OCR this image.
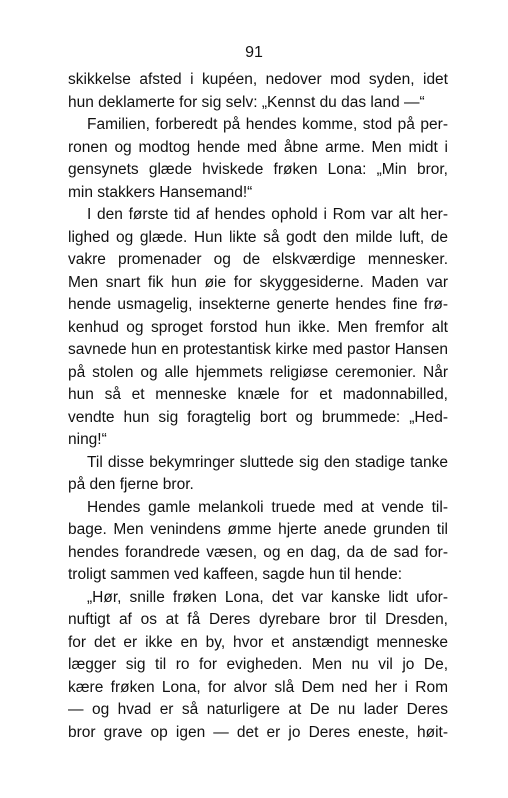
91
skikkelse afsted i kupéen, nedover mod syden, idet
hun deklamerte for sig selv: „Kennst du das land —“
Familien, forberedt på hendes komme, stod på per-
ronen og modtog hende med åbne arme. Men midt i
gensynets glæde hviskede frøken Lona: „Min bror,
min stakkers Hansemand!“
I den første tid af hendes ophold i Rom var alt her-
lighed og glæde. Hun likte så godt den milde luft, de
vakre promenader og de elskværdige mennesker.
Men snart fik hun øie for skyggesiderne. Maden var
hende usmagelig, insekterne generte hendes fine frø-
kenhud og sproget forstod hun ikke. Men fremfor alt
savnede hun en protestantisk kirke med pastor Hansen
på stolen og alle hjemmets religiøse ceremonier. Når
hun så et menneske knæle for et madonnabilled,
vendte hun sig foragtelig bort og brummede: „Hed-
ning!“
Til disse bekymringer sluttede sig den stadige tanke
på den fjerne bror.
Hendes gamle melankoli truede med at vende til-
bage. Men venindens ømme hjerte anede grunden til
hendes forandrede væsen, og en dag, da de sad for-
troligt sammen ved kaffeen, sagde hun til hende:
„Hør, snille frøken Lona, det var kanske lidt ufor-
nuftigt af os at få Deres dyrebare bror til Dresden,
for det er ikke en by, hvor et anstændigt menneske
lægger sig til ro for evigheden. Men nu vil jo De,
kære frøken Lona, for alvor slå Dem ned her i Rom
— og hvad er så naturligere at De nu lader Deres
bror grave op igen — det er jo Deres eneste, høit-
